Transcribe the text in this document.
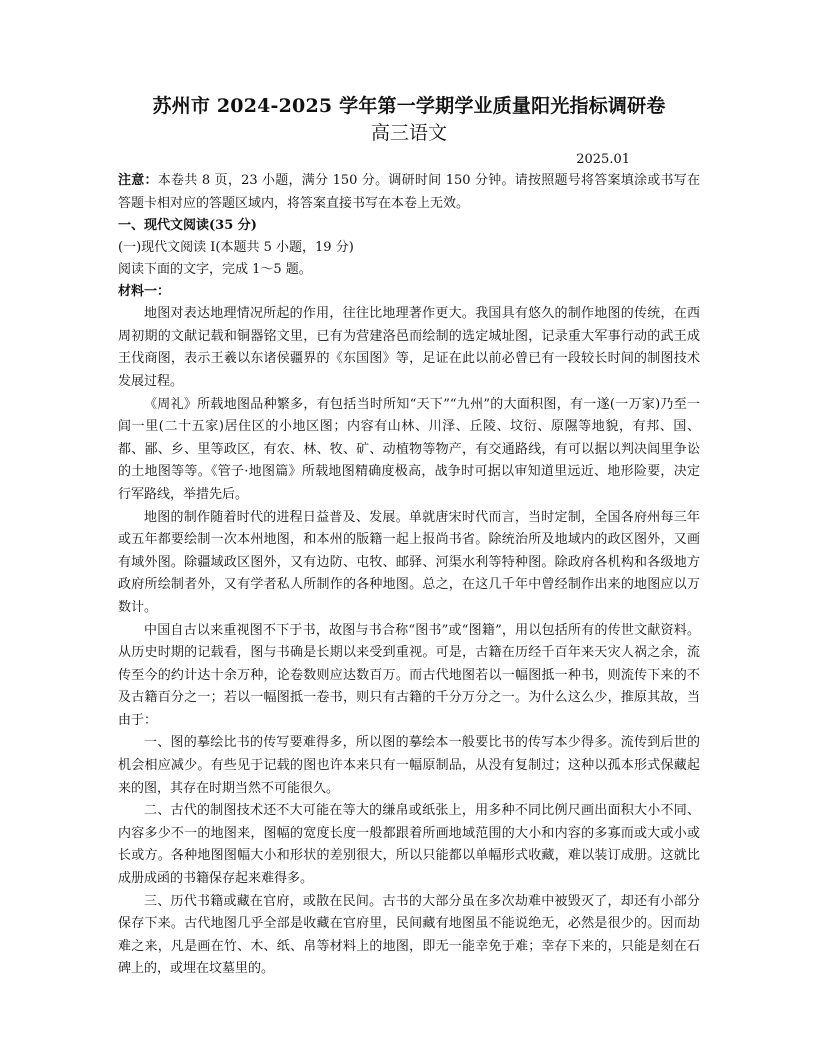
苏州市 2024-2025 学年第一学期学业质量阳光指标调研卷

高三语文

2025.01

注意：本卷共 8 页，23 小题，满分 150 分。调研时间 150 分钟。请按照题号将答案填涂或书写在答题卡相对应的答题区域内，将答案直接书写在本卷上无效。

一、现代文阅读(35 分)

(一)现代文阅读 I(本题共 5 小题，19 分)

阅读下面的文字，完成 1～5 题。

材料一：

地图对表达地理情况所起的作用，往往比地理著作更大。我国具有悠久的制作地图的传统，在西周初期的文献记载和铜器铭文里，已有为营建洛邑而绘制的选定城址图，记录重大军事行动的武王成王伐商图，表示王羲以东诸侯疆界的《东国图》等，足证在此以前必曾已有一段较长时间的制图技术发展过程。

《周礼》所载地图品种繁多，有包括当时所知“天下”“九州”的大面积图，有一遂(一万家)乃至一闾一里(二十五家)居住区的小地区图；内容有山林、川泽、丘陵、坟衍、原隰等地貌，有邦、国、都、鄙、乡、里等政区，有农、林、牧、矿、动植物等物产，有交通路线，有可以据以判决闾里争讼的土地图等等。《管子·地图篇》所载地图精确度极高，战争时可据以审知道里远近、地形险要，决定行军路线，举措先后。

地图的制作随着时代的进程日益普及、发展。单就唐宋时代而言，当时定制，全国各府州每三年或五年都要绘制一次本州地图，和本州的版籍一起上报尚书省。除统治所及地域内的政区图外，又画有域外图。除疆域政区图外，又有边防、屯牧、邮驿、河渠水利等特种图。除政府各机构和各级地方政府所绘制者外，又有学者私人所制作的各种地图。总之，在这几千年中曾经制作出来的地图应以万数计。

中国自古以来重视图不下于书，故图与书合称“图书”或“图籍”，用以包括所有的传世文献资料。从历史时期的记载看，图与书确是长期以来受到重视。可是，古籍在历经千百年来天灾人祸之余，流传至今的约计达十余万种，论卷数则应达数百万。而古代地图若以一幅图抵一种书，则流传下来的不及古籍百分之一；若以一幅图抵一卷书，则只有古籍的千分万分之一。为什么这么少，推原其故，当由于：

一、图的摹绘比书的传写要难得多，所以图的摹绘本一般要比书的传写本少得多。流传到后世的机会相应减少。有些见于记载的图也许本来只有一幅原制品，从没有复制过；这种以孤本形式保藏起来的图，其存在时期当然不可能很久。

二、古代的制图技术还不大可能在等大的缣帛或纸张上，用多种不同比例尺画出面积大小不同、内容多少不一的地图来，图幅的宽度长度一般都跟着所画地域范围的大小和内容的多寡而或大或小或长或方。各种地图图幅大小和形状的差别很大，所以只能都以单幅形式收藏，难以装订成册。这就比成册成函的书籍保存起来难得多。

三、历代书籍或藏在官府，或散在民间。古书的大部分虽在多次劫难中被毁灭了，却还有小部分保存下来。古代地图几乎全部是收藏在官府里，民间藏有地图虽不能说绝无，必然是很少的。因而劫难之来，凡是画在竹、木、纸、帛等材料上的地图，即无一能幸免于难；幸存下来的，只能是刻在石碑上的，或埋在坟墓里的。
